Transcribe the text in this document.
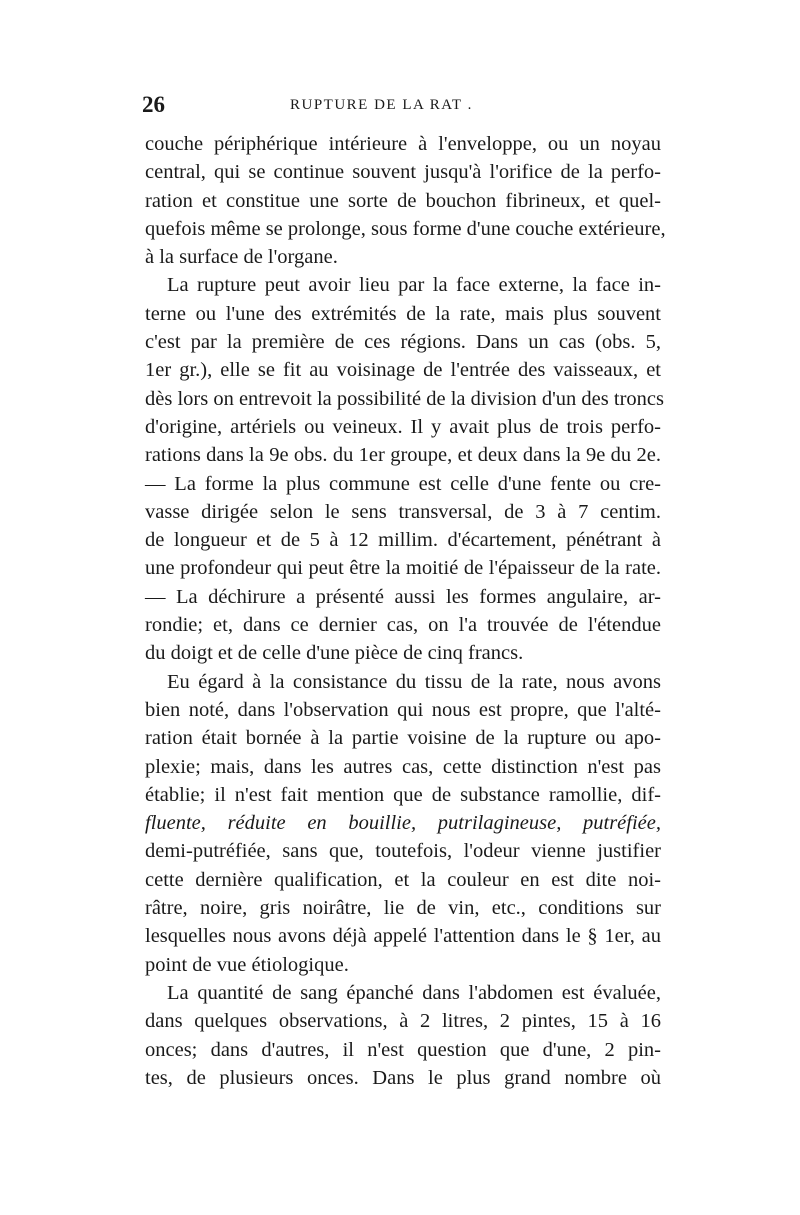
26	RUPTURE DE LA RAT .
couche périphérique intérieure à l'enveloppe, ou un noyau
central, qui se continue souvent jusqu'à l'orifice de la perfo-
ration et constitue une sorte de bouchon fibrineux, et quel-
quefois même se prolonge, sous forme d'une couche extérieure,
à la surface de l'organe.
La rupture peut avoir lieu par la face externe, la face in-
terne ou l'une des extrémités de la rate, mais plus souvent
c'est par la première de ces régions. Dans un cas (obs. 5,
1er gr.), elle se fit au voisinage de l'entrée des vaisseaux, et
dès lors on entrevoit la possibilité de la division d'un des troncs
d'origine, artériels ou veineux. Il y avait plus de trois perfo-
rations dans la 9e obs. du 1er groupe, et deux dans la 9e du 2e.
— La forme la plus commune est celle d'une fente ou cre-
vasse dirigée selon le sens transversal, de 3 à 7 centim.
de longueur et de 5 à 12 millim. d'écartement, pénétrant à
une profondeur qui peut être la moitié de l'épaisseur de la rate.
— La déchirure a présenté aussi les formes angulaire, ar-
rondie; et, dans ce dernier cas, on l'a trouvée de l'étendue
du doigt et de celle d'une pièce de cinq francs.
Eu égard à la consistance du tissu de la rate, nous avons
bien noté, dans l'observation qui nous est propre, que l'alté-
ration était bornée à la partie voisine de la rupture ou apo-
plexie; mais, dans les autres cas, cette distinction n'est pas
établie; il n'est fait mention que de substance ramollie, dif-
fluente, réduite en bouillie, putrilagineuse, putréfiée,
demi-putréfiée, sans que, toutefois, l'odeur vienne justifier
cette dernière qualification, et la couleur en est dite noi-
râtre, noire, gris noirâtre, lie de vin, etc., conditions sur
lesquelles nous avons déjà appelé l'attention dans le § 1er, au
point de vue étiologique.
La quantité de sang épanché dans l'abdomen est évaluée,
dans quelques observations, à 2 litres, 2 pintes, 15 à 16
onces; dans d'autres, il n'est question que d'une, 2 pin-
tes, de plusieurs onces. Dans le plus grand nombre où
